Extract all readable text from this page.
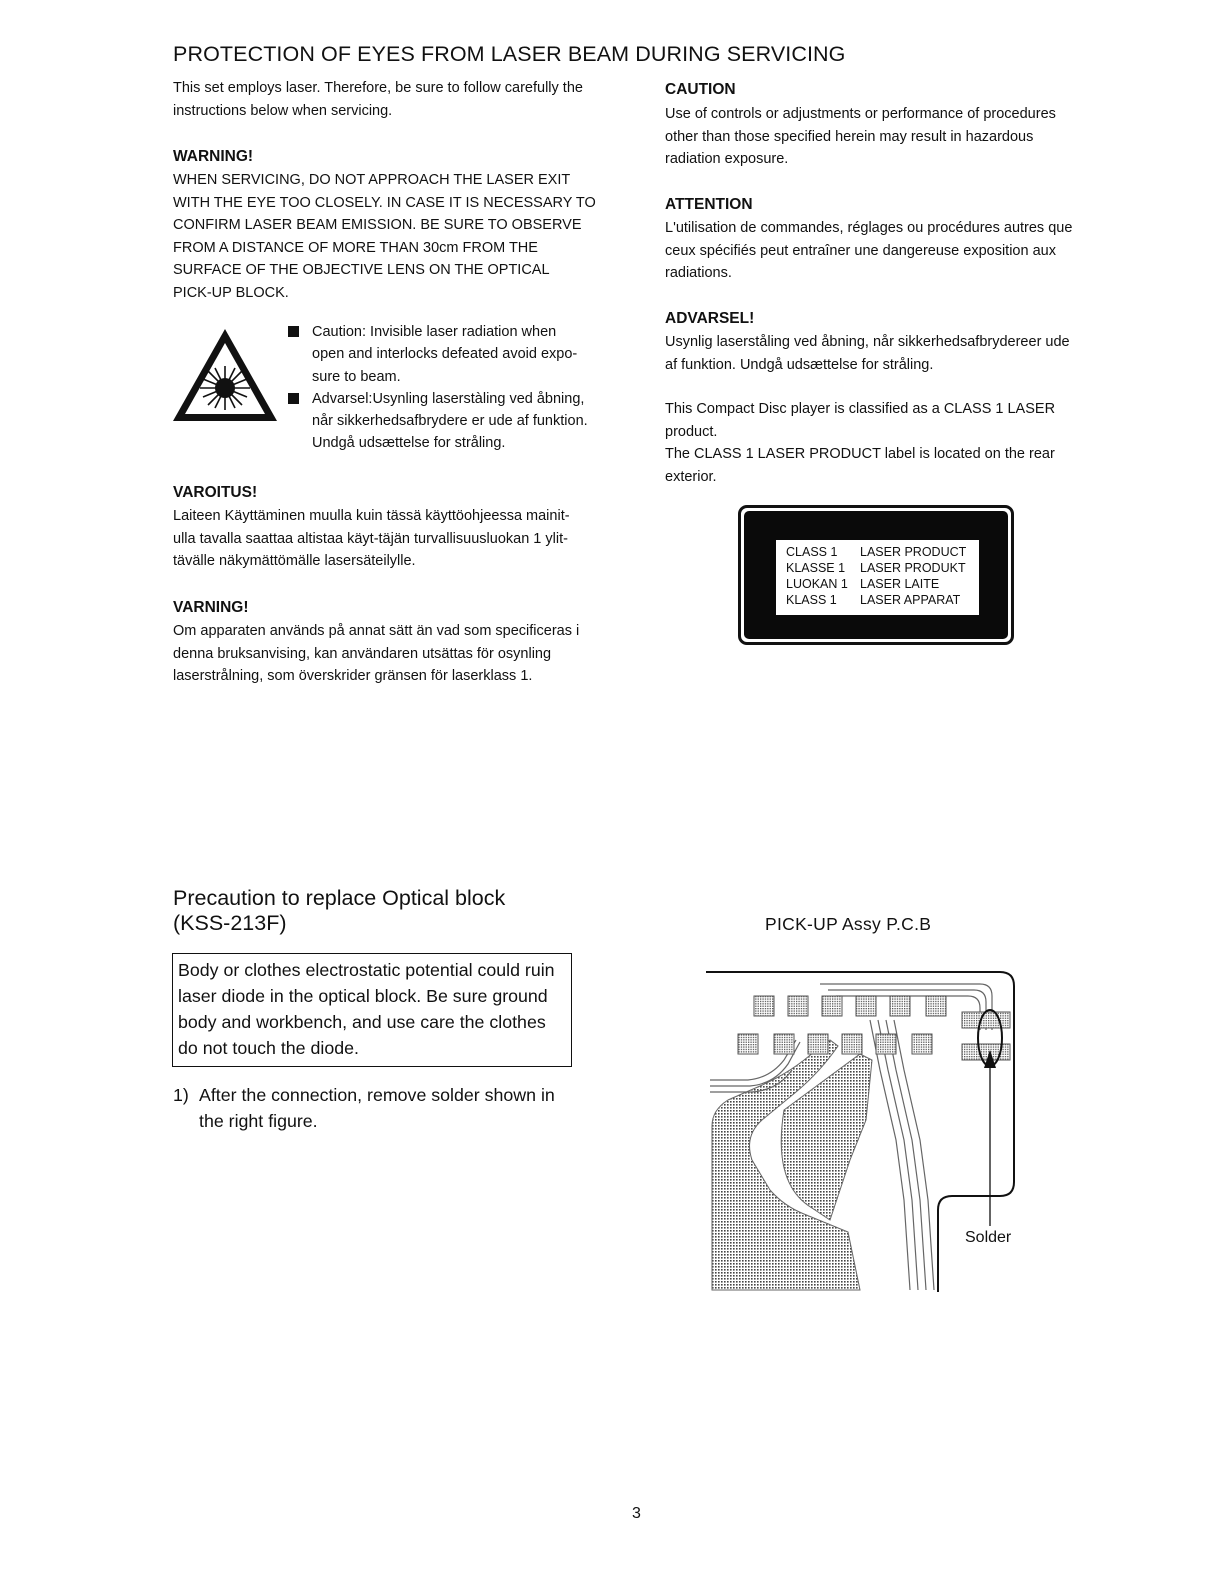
PROTECTION OF EYES FROM LASER BEAM DURING SERVICING
This set employs laser. Therefore, be sure to follow carefully the
instructions below when servicing.
WARNING!
WHEN SERVICING, DO NOT APPROACH THE LASER EXIT
WITH THE EYE TOO CLOSELY. IN CASE IT IS NECESSARY TO
CONFIRM LASER BEAM EMISSION. BE SURE TO OBSERVE
FROM A DISTANCE OF MORE THAN 30cm FROM THE
SURFACE OF THE OBJECTIVE LENS ON THE OPTICAL
PICK-UP BLOCK.
Caution: Invisible laser radiation when
open and interlocks defeated avoid expo-
sure to beam.
Advarsel:Usynling laserstàling ved åbning,
når sikkerhedsafbrydere er ude af funktion.
Undgå udsættelse for stråling.
VAROITUS!
Laiteen Käyttäminen muulla kuin tässä käyttöohjeessa mainit-
ulla tavalla saattaa altistaa käyt-täjän turvallisuusluokan 1 ylit-
tävälle näkymättömälle lasersäteilylle.
VARNING!
Om apparaten används på annat sätt än vad som specificeras i
denna bruksanvising, kan användaren utsättas för osynling
laserstrålning, som överskrider gränsen för laserklass 1.
CAUTION
Use of controls or adjustments or performance of procedures
other than those specified herein may result in hazardous
radiation exposure.
ATTENTION
L'utilisation de commandes, réglages ou procédures autres que
ceux spécifiés peut entraîner une dangereuse exposition aux
radiations.
ADVARSEL!
Usynlig laserståling ved åbning, når sikkerhedsafbrydereer ude
af funktion. Undgå udsættelse for stråling.
This Compact Disc player is classified as a CLASS 1 LASER
product.
The CLASS 1 LASER PRODUCT label is located on the rear
exterior.
CLASS 1 LASER PRODUCT
KLASSE 1 LASER PRODUKT
LUOKAN 1 LASER LAITE
KLASS 1 LASER APPARAT
Precaution to replace Optical block
(KSS-213F)
Body or clothes electrostatic potential could ruin
laser diode in the optical block. Be sure ground
body and workbench, and use care the clothes
do not touch the diode.
1) After the connection, remove solder shown in
the right figure.
PICK-UP Assy P.C.B
Solder
3
